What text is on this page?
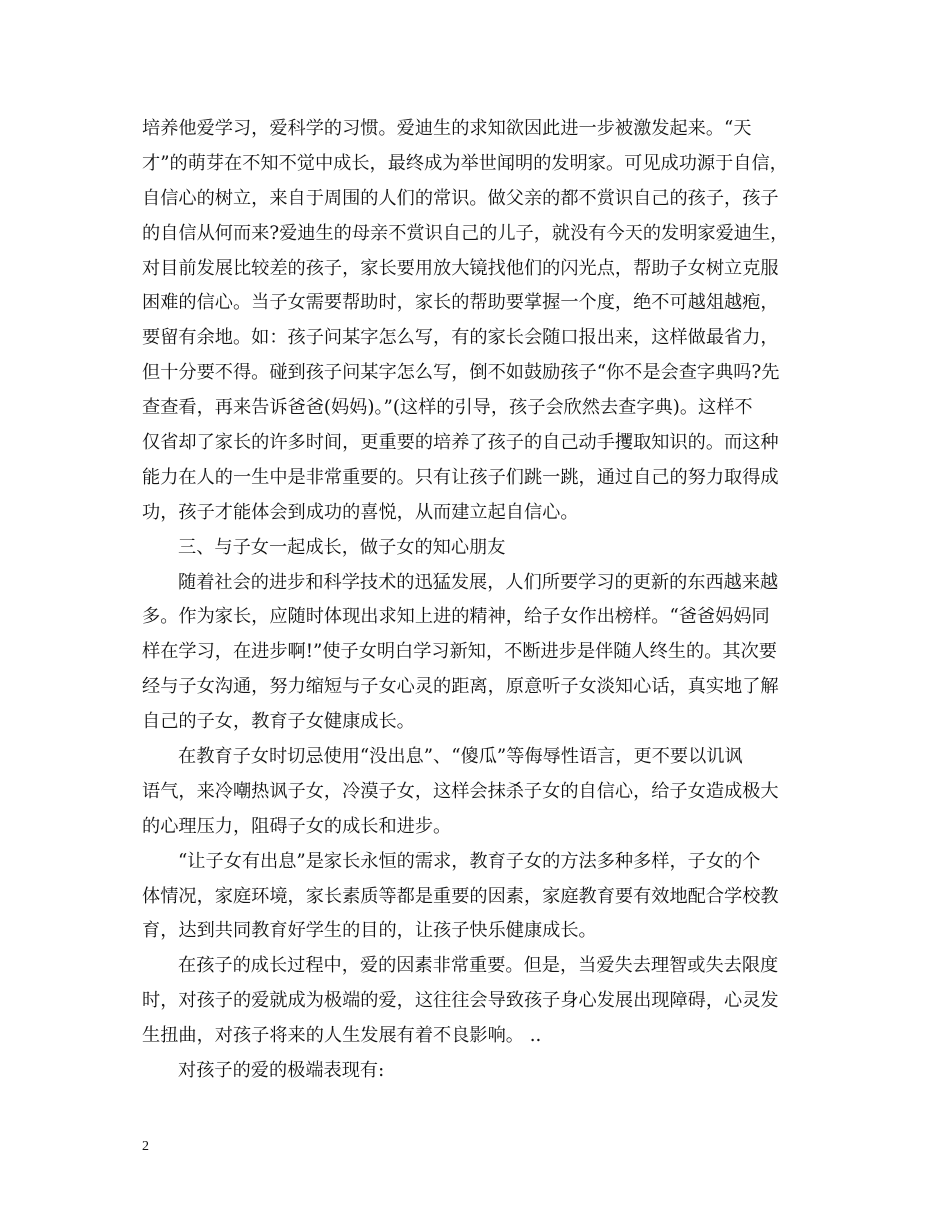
培养他爱学习，爱科学的习惯。爱迪生的求知欲因此进一步被激发起来。“天
才”的萌芽在不知不觉中成长，最终成为举世闻明的发明家。可见成功源于自信，
自信心的树立，来自于周围的人们的常识。做父亲的都不赏识自己的孩子，孩子
的自信从何而来?爱迪生的母亲不赏识自己的儿子，就没有今天的发明家爱迪生，
对目前发展比较差的孩子，家长要用放大镜找他们的闪光点，帮助子女树立克服
困难的信心。当子女需要帮助时，家长的帮助要掌握一个度，绝不可越俎越疱，
要留有余地。如：孩子问某字怎么写，有的家长会随口报出来，这样做最省力，
但十分要不得。碰到孩子问某字怎么写，倒不如鼓励孩子“你不是会查字典吗?先
查查看，再来告诉爸爸(妈妈)。”(这样的引导，孩子会欣然去查字典)。这样不
仅省却了家长的许多时间，更重要的培养了孩子的自己动手攫取知识的。而这种
能力在人的一生中是非常重要的。只有让孩子们跳一跳，通过自己的努力取得成
功，孩子才能体会到成功的喜悦，从而建立起自信心。
三、与子女一起成长，做子女的知心朋友
随着社会的进步和科学技术的迅猛发展，人们所要学习的更新的东西越来越
多。作为家长，应随时体现出求知上进的精神，给子女作出榜样。“爸爸妈妈同
样在学习，在进步啊!”使子女明白学习新知，不断进步是伴随人终生的。其次要
经与子女沟通，努力缩短与子女心灵的距离，原意听子女淡知心话，真实地了解
自己的子女，教育子女健康成长。
在教育子女时切忌使用“没出息”、“傻瓜”等侮辱性语言，更不要以讥讽
语气，来冷嘲热讽子女，冷漠子女，这样会抹杀子女的自信心，给子女造成极大
的心理压力，阻碍子女的成长和进步。
“让子女有出息”是家长永恒的需求，教育子女的方法多种多样，子女的个
体情况，家庭环境，家长素质等都是重要的因素，家庭教育要有效地配合学校教
育，达到共同教育好学生的目的，让孩子快乐健康成长。
在孩子的成长过程中，爱的因素非常重要。但是，当爱失去理智或失去限度
时，对孩子的爱就成为极端的爱，这往往会导致孩子身心发展出现障碍，心灵发
生扭曲，对孩子将来的人生发展有着不良影响。 ..
对孩子的爱的极端表现有:
2
